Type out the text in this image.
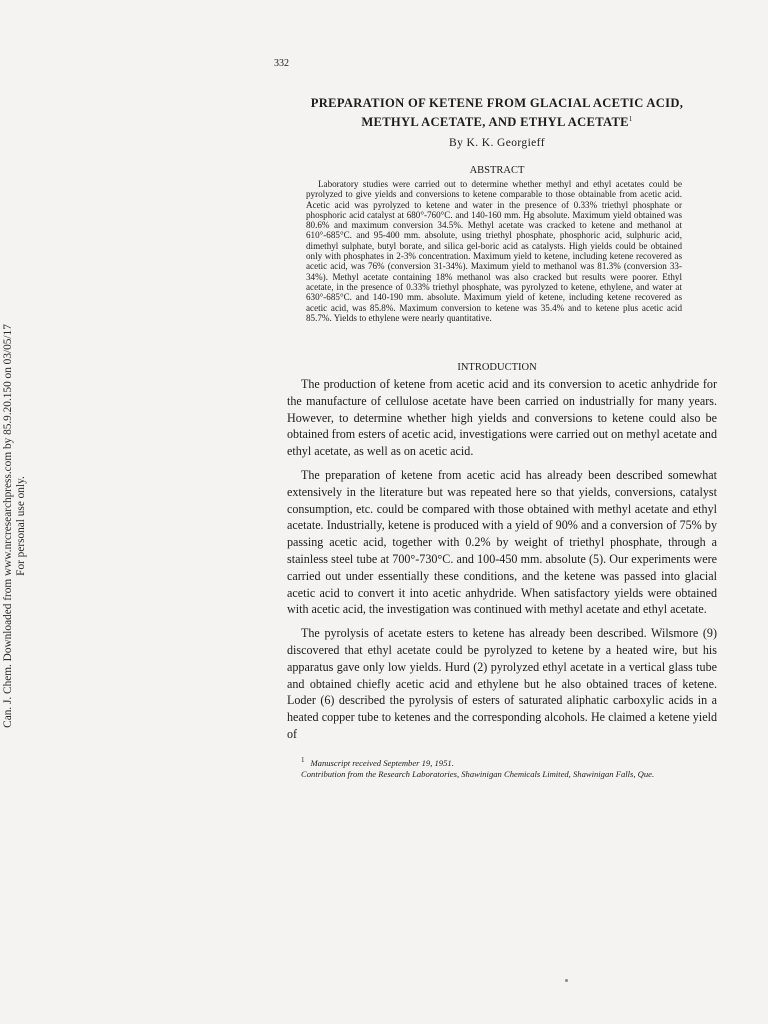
332
PREPARATION OF KETENE FROM GLACIAL ACETIC ACID,
METHYL ACETATE, AND ETHYL ACETATE$^1$
By K. K. Georgieff
ABSTRACT

Laboratory studies were carried out to determine whether methyl and ethyl acetates could be pyrolyzed to give yields and conversions to ketene comparable to those obtainable from acetic acid. Acetic acid was pyrolyzed to ketene and water in the presence of 0.33% triethyl phosphate or phosphoric acid catalyst at 680°-760°C. and 140-160 mm. Hg absolute. Maximum yield obtained was 80.6% and maximum conversion 34.5%. Methyl acetate was cracked to ketene and methanol at 610°-685°C. and 95-400 mm. absolute, using triethyl phosphate, phosphoric acid, sulphuric acid, dimethyl sulphate, butyl borate, and silica gel-boric acid as catalysts. High yields could be obtained only with phosphates in 2-3% concentration. Maximum yield to ketene, including ketene recovered as acetic acid, was 76% (conversion 31-34%). Maximum yield to methanol was 81.3% (conversion 33-34%). Methyl acetate containing 18% methanol was also cracked but results were poorer. Ethyl acetate, in the presence of 0.33% triethyl phosphate, was pyrolyzed to ketene, ethylene, and water at 630°-685°C. and 140-190 mm. absolute. Maximum yield of ketene, including ketene recovered as acetic acid, was 85.8%. Maximum conversion to ketene was 35.4% and to ketene plus acetic acid 85.7%. Yields to ethylene were nearly quantitative.

INTRODUCTION

The production of ketene from acetic acid and its conversion to acetic anhydride for the manufacture of cellulose acetate have been carried on industrially for many years. However, to determine whether high yields and conversions to ketene could also be obtained from esters of acetic acid, investigations were carried out on methyl acetate and ethyl acetate, as well as on acetic acid.

The preparation of ketene from acetic acid has already been described somewhat extensively in the literature but was repeated here so that yields, conversions, catalyst consumption, etc. could be compared with those obtained with methyl acetate and ethyl acetate. Industrially, ketene is produced with a yield of 90% and a conversion of 75% by passing acetic acid, together with 0.2% by weight of triethyl phosphate, through a stainless steel tube at 700°-730°C. and 100-450 mm. absolute (5). Our experiments were carried out under essentially these conditions, and the ketene was passed into glacial acetic acid to convert it into acetic anhydride. When satisfactory yields were obtained with acetic acid, the investigation was continued with methyl acetate and ethyl acetate.

The pyrolysis of acetate esters to ketene has already been described. Wilsmore (9) discovered that ethyl acetate could be pyrolyzed to ketene by a heated wire, but his apparatus gave only low yields. Hurd (2) pyrolyzed ethyl acetate in a vertical glass tube and obtained chiefly acetic acid and ethylene but he also obtained traces of ketene. Loder (6) described the pyrolysis of esters of saturated aliphatic carboxylic acids in a heated copper tube to ketenes and the corresponding alcohols. He claimed a ketene yield of

$^1$ Manuscript received September 19, 1951.

Contribution from the Research Laboratories, Shawinigan Chemicals Limited, Shawinigan Falls, Que.

Can. J. Chem. Downloaded from www.nrcresearchpress.com by 85.9.20.150 on 03/05/17 For personal use only.
